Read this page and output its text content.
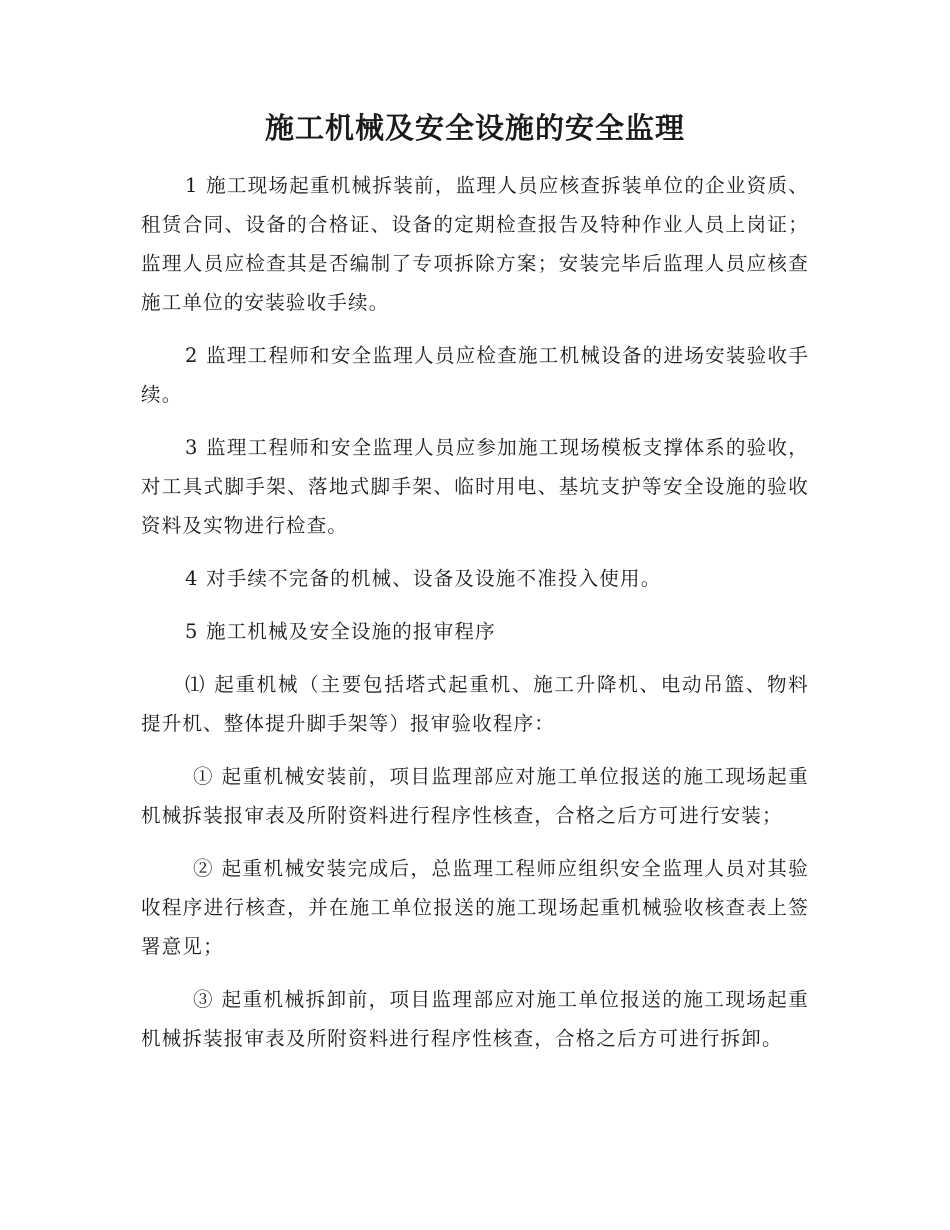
施工机械及安全设施的安全监理

1 施工现场起重机械拆装前，监理人员应核查拆装单位的企业资质、租赁合同、设备的合格证、设备的定期检查报告及特种作业人员上岗证；监理人员应检查其是否编制了专项拆除方案；安装完毕后监理人员应核查施工单位的安装验收手续。

2 监理工程师和安全监理人员应检查施工机械设备的进场安装验收手续。

3 监理工程师和安全监理人员应参加施工现场模板支撑体系的验收，对工具式脚手架、落地式脚手架、临时用电、基坑支护等安全设施的验收资料及实物进行检查。

4 对手续不完备的机械、设备及设施不准投入使用。

5 施工机械及安全设施的报审程序

⑴ 起重机械（主要包括塔式起重机、施工升降机、电动吊篮、物料提升机、整体提升脚手架等）报审验收程序：

① 起重机械安装前，项目监理部应对施工单位报送的施工现场起重机械拆装报审表及所附资料进行程序性核查，合格之后方可进行安装；

② 起重机械安装完成后，总监理工程师应组织安全监理人员对其验收程序进行核查，并在施工单位报送的施工现场起重机械验收核查表上签署意见；

③ 起重机械拆卸前，项目监理部应对施工单位报送的施工现场起重机械拆装报审表及所附资料进行程序性核查，合格之后方可进行拆卸。
